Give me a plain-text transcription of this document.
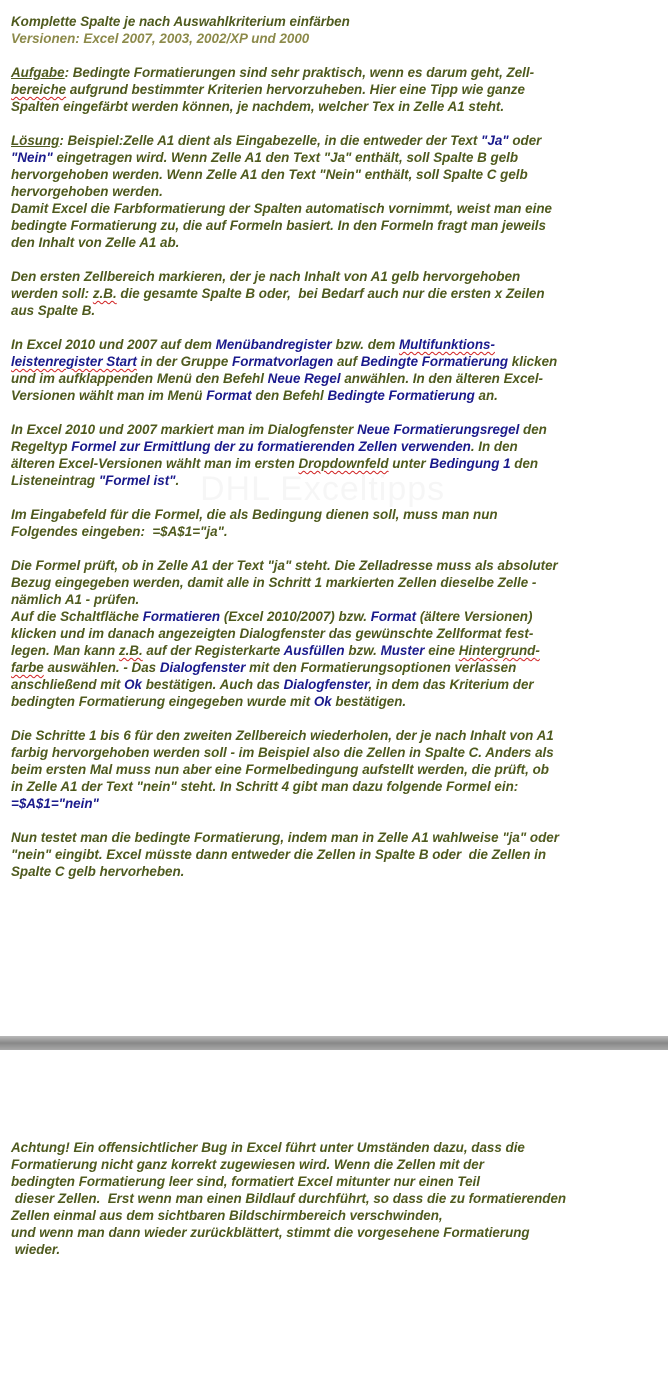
Komplette Spalte je nach Auswahlkriterium einfärben
Versionen: Excel 2007, 2003, 2002/XP und 2000
Aufgabe: Bedingte Formatierungen sind sehr praktisch, wenn es darum geht, Zell-
bereiche aufgrund bestimmter Kriterien hervorzuheben. Hier eine Tipp wie ganze
Spalten eingefärbt werden können, je nachdem, welcher Tex in Zelle A1 steht.
Lösung: Beispiel:Zelle A1 dient als Eingabezelle, in die entweder der Text "Ja" oder
"Nein" eingetragen wird. Wenn Zelle A1 den Text "Ja" enthält, soll Spalte B gelb
hervorgehoben werden. Wenn Zelle A1 den Text "Nein" enthält, soll Spalte C gelb
hervorgehoben werden.
Damit Excel die Farbformatierung der Spalten automatisch vornimmt, weist man eine
bedingte Formatierung zu, die auf Formeln basiert. In den Formeln fragt man jeweils
den Inhalt von Zelle A1 ab.
Den ersten Zellbereich markieren, der je nach Inhalt von A1 gelb hervorgehoben
werden soll: z.B. die gesamte Spalte B oder,  bei Bedarf auch nur die ersten x Zeilen
aus Spalte B.
In Excel 2010 und 2007 auf dem Menübandregister bzw. dem Multifunktions-
leistenregister Start in der Gruppe Formatvorlagen auf Bedingte Formatierung klicken
und im aufklappenden Menü den Befehl Neue Regel anwählen. In den älteren Excel-
Versionen wählt man im Menü Format den Befehl Bedingte Formatierung an.
In Excel 2010 und 2007 markiert man im Dialogfenster Neue Formatierungsregel den
Regeltyp Formel zur Ermittlung der zu formatierenden Zellen verwenden. In den
älteren Excel-Versionen wählt man im ersten Dropdownfeld unter Bedingung 1 den
Listeneintrag "Formel ist".
Im Eingabefeld für die Formel, die als Bedingung dienen soll, muss man nun
Folgendes eingeben:  =$A$1="ja".
Die Formel prüft, ob in Zelle A1 der Text "ja" steht. Die Zelladresse muss als absoluter
Bezug eingegeben werden, damit alle in Schritt 1 markierten Zellen dieselbe Zelle -
nämlich A1 - prüfen.
Auf die Schaltfläche Formatieren (Excel 2010/2007) bzw. Format (ältere Versionen)
klicken und im danach angezeigten Dialogfenster das gewünschte Zellformat fest-
legen. Man kann z.B. auf der Registerkarte Ausfüllen bzw. Muster eine Hintergrund-
farbe auswählen. - Das Dialogfenster mit den Formatierungsoptionen verlassen
anschließend mit Ok bestätigen. Auch das Dialogfenster, in dem das Kriterium der
bedingten Formatierung eingegeben wurde mit Ok bestätigen.
Die Schritte 1 bis 6 für den zweiten Zellbereich wiederholen, der je nach Inhalt von A1
farbig hervorgehoben werden soll - im Beispiel also die Zellen in Spalte C. Anders als
beim ersten Mal muss nun aber eine Formelbedingung aufstellt werden, die prüft, ob
in Zelle A1 der Text "nein" steht. In Schritt 4 gibt man dazu folgende Formel ein:
=$A$1="nein"
Nun testet man die bedingte Formatierung, indem man in Zelle A1 wahlweise "ja" oder
"nein" eingibt. Excel müsste dann entweder die Zellen in Spalte B oder  die Zellen in
Spalte C gelb hervorheben.
Achtung! Ein offensichtlicher Bug in Excel führt unter Umständen dazu, dass die
Formatierung nicht ganz korrekt zugewiesen wird. Wenn die Zellen mit der
bedingten Formatierung leer sind, formatiert Excel mitunter nur einen Teil
dieser Zellen.  Erst wenn man einen Bildlauf durchführt, so dass die zu formatierenden
Zellen einmal aus dem sichtbaren Bildschirmbereich verschwinden,
und wenn man dann wieder zurückblättert, stimmt die vorgesehene Formatierung
wieder.
